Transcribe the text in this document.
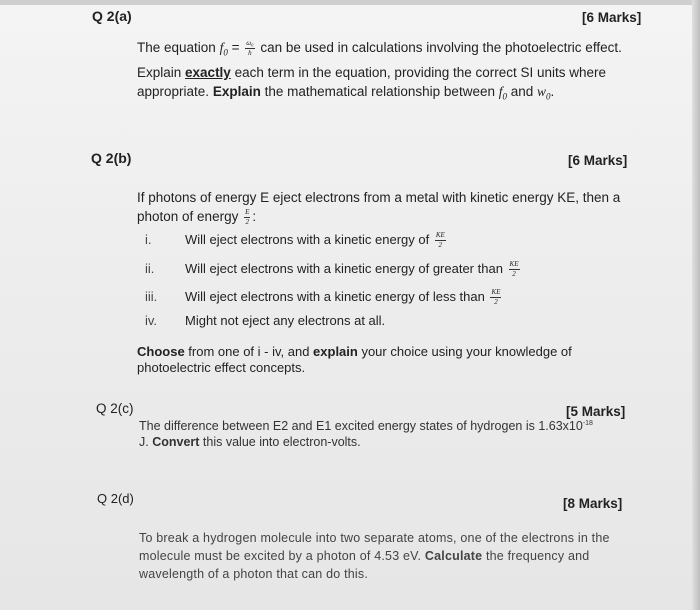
Q 2(a)	[6 Marks]
The equation $f_0 = \frac{\text{ω₀}}{h}$ can be used in calculations involving the photoelectric effect. Explain exactly each term in the equation, providing the correct SI units where appropriate. Explain the mathematical relationship between $f_0$ and $w_0$.
Q 2(b)	[6 Marks]
If photons of energy E eject electrons from a metal with kinetic energy KE, then a photon of energy $\frac{E}{2}$ :
i.	Will eject electrons with a kinetic energy of $\frac{KE}{2}$
ii. Will eject electrons with a kinetic energy of greater than $\frac{KE}{2}$
iii. Will eject electrons with a kinetic energy of less than $\frac{KE}{2}$
iv. Might not eject any electrons at all.
Choose from one of i - iv, and explain your choice using your knowledge of photoelectric effect concepts.
Q 2(c)	[5 Marks]
The difference between E2 and E1 excited energy states of hydrogen is $1.63x10^{-18}$ J. Convert this value into electron-volts.
Q 2(d)	[8 Marks]
To break a hydrogen molecule into two separate atoms, one of the electrons in the molecule must be excited by a photon of 4.53 eV. Calculate the frequency and wavelength of a photon that can do this.
